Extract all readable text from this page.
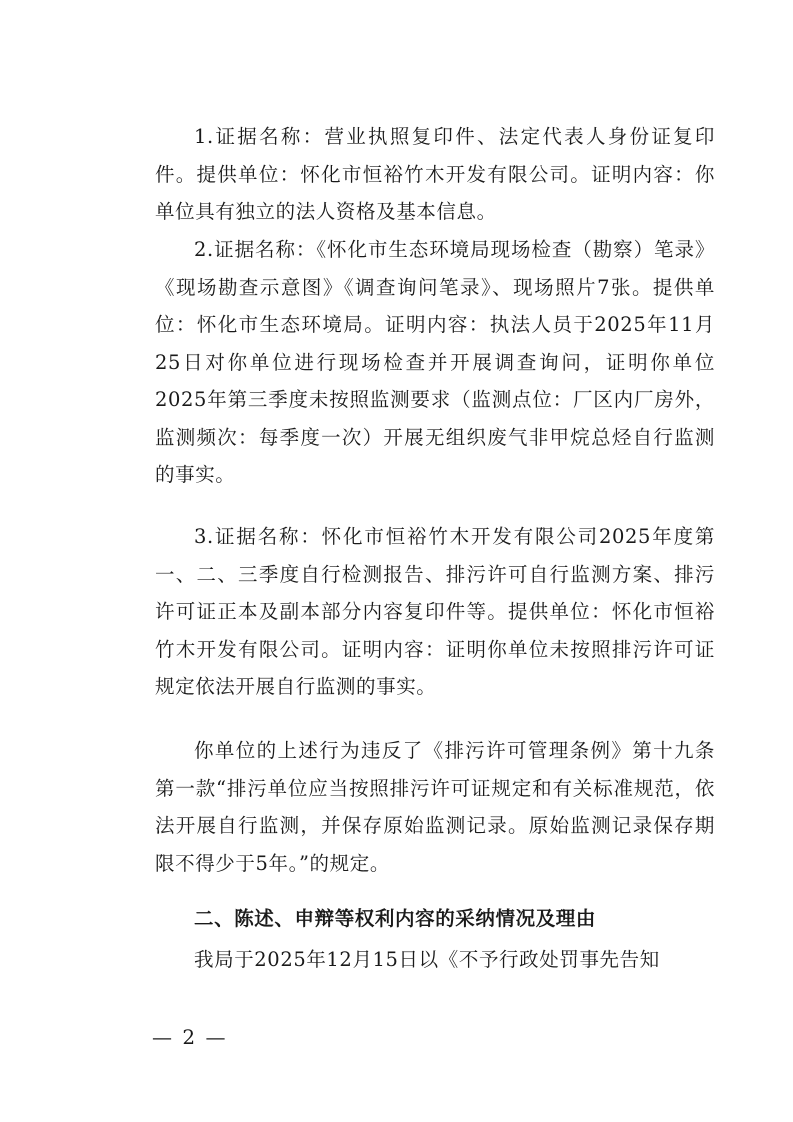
1.证据名称：营业执照复印件、法定代表人身份证复印件。提供单位：怀化市恒裕竹木开发有限公司。证明内容：你单位具有独立的法人资格及基本信息。

2.证据名称：《怀化市生态环境局现场检查（勘察）笔录》《现场勘查示意图》《调查询问笔录》、现场照片7张。提供单位：怀化市生态环境局。证明内容：执法人员于2025年11月25日对你单位进行现场检查并开展调查询问，证明你单位2025年第三季度未按照监测要求（监测点位：厂区内厂房外，监测频次：每季度一次）开展无组织废气非甲烷总烃自行监测的事实。

3.证据名称：怀化市恒裕竹木开发有限公司2025年度第一、二、三季度自行检测报告、排污许可自行监测方案、排污许可证正本及副本部分内容复印件等。提供单位：怀化市恒裕竹木开发有限公司。证明内容：证明你单位未按照排污许可证规定依法开展自行监测的事实。

你单位的上述行为违反了《排污许可管理条例》第十九条第一款“排污单位应当按照排污许可证规定和有关标准规范，依法开展自行监测，并保存原始监测记录。原始监测记录保存期限不得少于5年。”的规定。

二、陈述、申辩等权利内容的采纳情况及理由

我局于2025年12月15日以《不予行政处罚事先告知

— 2 —
